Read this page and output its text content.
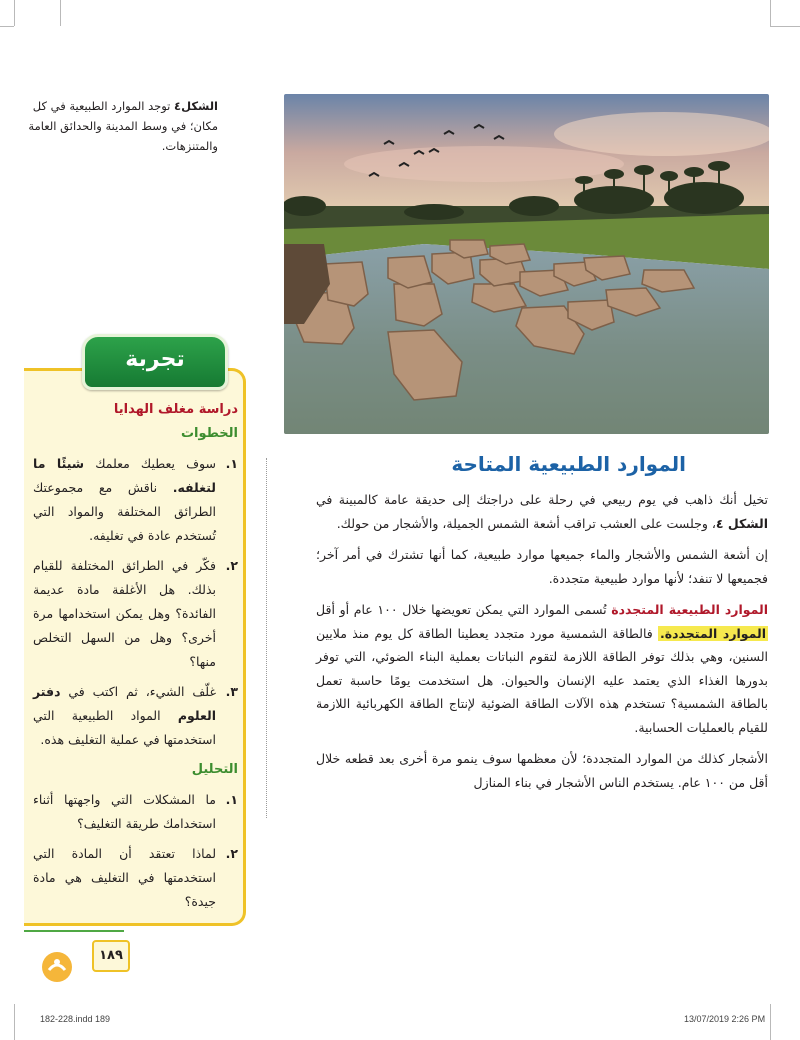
الشكل٤ توجد الموارد الطبيعية في كل مكان؛ في وسط المدينة والحدائق العامة والمتنزهات.
تجربة
دراسة مغلف الهدايا
الخطوات
١.
سوف يعطيك معلمك شيئًا ما لتغلفه. ناقش مع مجموعتك الطرائق المختلفة والمواد التي تُستخدم عادة في تغليفه.
٢.
فكّر في الطرائق المختلفة للقيام بذلك. هل الأغلفة مادة عديمة الفائدة؟ وهل يمكن استخدامها مرة أخرى؟ وهل من السهل التخلص منها؟
٣.
غلّف الشيء، ثم اكتب في دفتر العلوم المواد الطبيعية التي استخدمتها في عملية التغليف هذه.
التحليل
١.
ما المشكلات التي واجهتها أثناء استخدامك طريقة التغليف؟
٢.
لماذا تعتقد أن المادة التي استخدمتها في التغليف هي مادة جيدة؟
١٨٩
الموارد الطبيعية المتاحة

تخيل أنك ذاهب في يوم ربيعي في رحلة على دراجتك إلى حديقة عامة كالمبينة في الشكل ٤، وجلست على العشب تراقب أشعة الشمس الجميلة، والأشجار من حولك.

إن أشعة الشمس والأشجار والماء جميعها موارد طبيعية، كما أنها تشترك في أمر آخر؛ فجميعها لا تنفد؛ لأنها موارد طبيعية متجددة.

الموارد الطبيعية المتجددة تُسمى الموارد التي يمكن تعويضها خلال ١٠٠ عام أو أقل الموارد المتجددة. فالطاقة الشمسية مورد متجدد يعطينا الطاقة كل يوم منذ ملايين السنين، وهي بذلك توفر الطاقة اللازمة لتقوم النباتات بعملية البناء الضوئي، التي توفر بدورها الغذاء الذي يعتمد عليه الإنسان والحيوان. هل استخدمت يومًا حاسبة تعمل بالطاقة الشمسية؟ تستخدم هذه الآلات الطاقة الضوئية لإنتاج الطاقة الكهربائية اللازمة للقيام بالعمليات الحسابية.

الأشجار كذلك من الموارد المتجددة؛ لأن معظمها سوف ينمو مرة أخرى بعد قطعه خلال أقل من ١٠٠ عام. يستخدم الناس الأشجار في بناء المنازل

182-228.indd 189	13/07/2019 2:26 PM
